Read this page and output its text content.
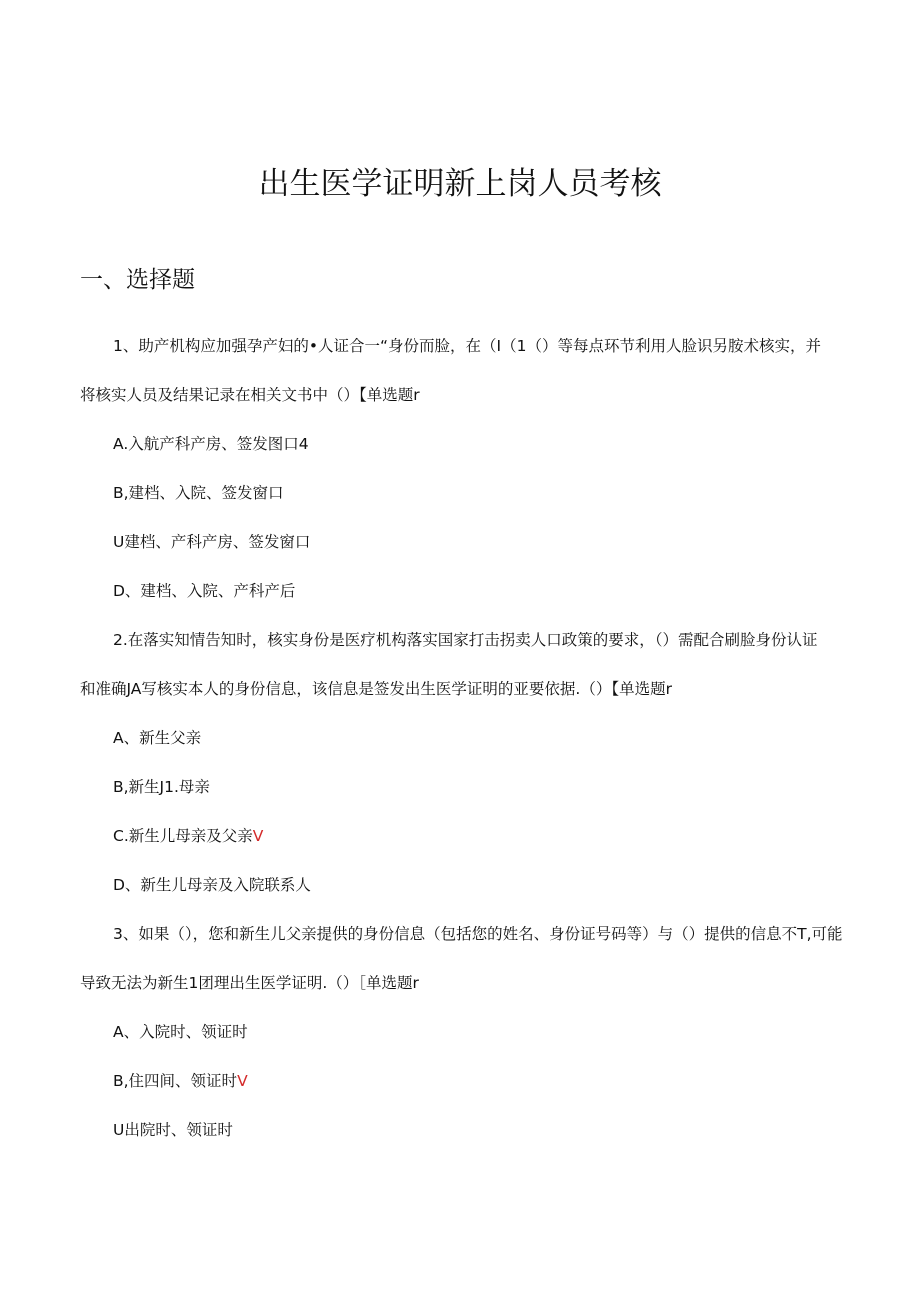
出生医学证明新上岗人员考核
一、选择题
1、助产机构应加强孕产妇的•人证合一“身份而脸，在（I（1（）等每点环节利用人脸识另胺术核实，并
将核实人员及结果记录在相关文书中（）【单选题r
A.入航产科产房、签发图口4
B,建档、入院、签发窗口
U建档、产科产房、签发窗口
D、建档、入院、产科产后
2.在落实知情告知时，核实身份是医疗机构落实国家打击拐卖人口政策的要求，（）需配合刷脸身份认证
和准确JA写核实本人的身份信息，该信息是签发出生医学证明的亚要依据.（）【单选题r
A、新生父亲
B,新生J1.母亲
C.新生儿母亲及父亲V
D、新生儿母亲及入院联系人
3、如果（），您和新生儿父亲提供的身份信息（包括您的姓名、身份证号码等）与（）提供的信息不T,可能
导致无法为新生1团理出生医学证明.（）［单选题r
A、入院时、领证时
B,住四间、领证时V
U出院时、领证时
